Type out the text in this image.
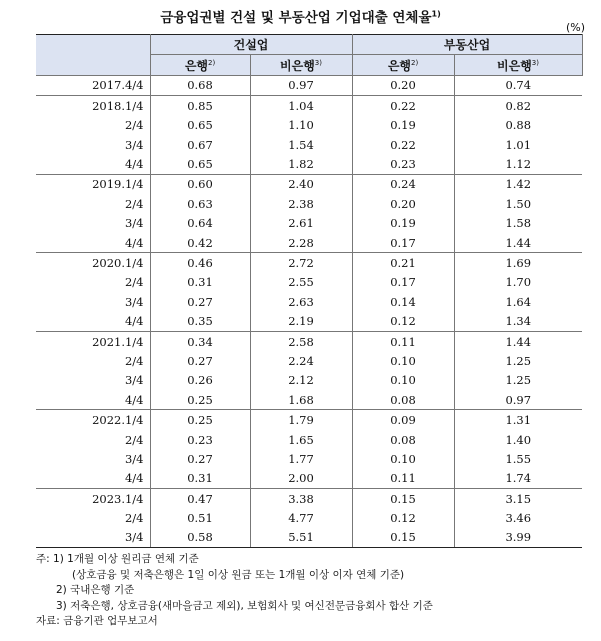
금융업권별 건설 및 부동산업 기업대출 연체율$^{1)}$
(%)
	건설업		부동산업	
	은행$^{2)}$	비은행$^{3)}$	은행$^{2)}$	비은행$^{3)}$
2017.4/4	0.68	0.97	0.20	0.74
2018.1/4	0.85	1.04	0.22	0.82
2/4	0.65	1.10	0.19	0.88
3/4	0.67	1.54	0.22	1.01
4/4	0.65	1.82	0.23	1.12
2019.1/4	0.60	2.40	0.24	1.42
2/4	0.63	2.38	0.20	1.50
3/4	0.64	2.61	0.19	1.58
4/4	0.42	2.28	0.17	1.44
2020.1/4	0.46	2.72	0.21	1.69
2/4	0.31	2.55	0.17	1.70
3/4	0.27	2.63	0.14	1.64
4/4	0.35	2.19	0.12	1.34
2021.1/4	0.34	2.58	0.11	1.44
2/4	0.27	2.24	0.10	1.25
3/4	0.26	2.12	0.10	1.25
4/4	0.25	1.68	0.08	0.97
2022.1/4	0.25	1.79	0.09	1.31
2/4	0.23	1.65	0.08	1.40
3/4	0.27	1.77	0.10	1.55
4/4	0.31	2.00	0.11	1.74
2023.1/4	0.47	3.38	0.15	3.15
2/4	0.51	4.77	0.12	3.46
3/4	0.58	5.51	0.15	3.99
주: 1) 1개월 이상 원리금 연체 기준
(상호금융 및 저축은행은 1일 이상 원금 또는 1개월 이상 이자 연체 기준)
2) 국내은행 기준
3) 저축은행, 상호금융(새마을금고 제외), 보험회사 및 여신전문금융회사 합산 기준
자료: 금융기관 업무보고서
